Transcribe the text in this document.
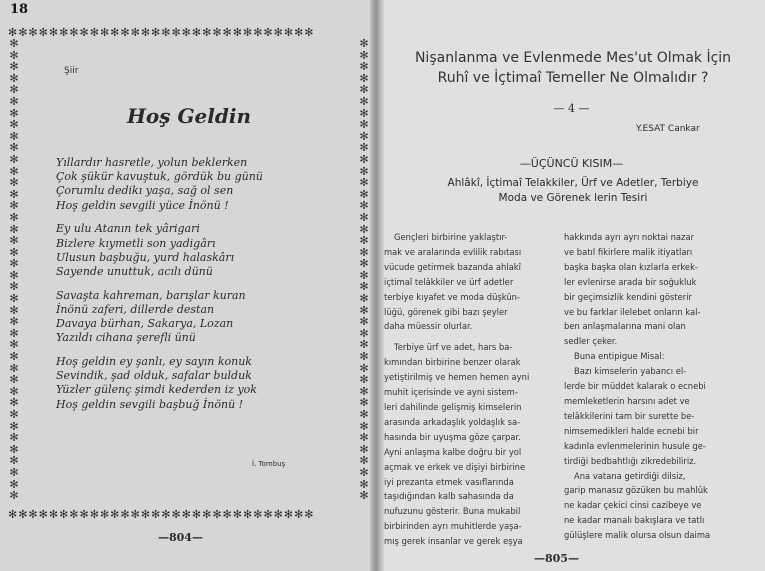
18
✻✻✻✻✻✻✻✻✻✻✻✻✻✻✻✻✻✻✻✻✻✻✻✻✻✻✻✻✻✻
✻✻✻✻✻✻✻✻✻✻✻✻✻✻✻✻✻✻✻✻✻✻✻✻✻✻✻✻✻✻
✻
✻
✻
✻
✻
✻
✻
✻
✻
✻
✻
✻
✻
✻
✻
✻
✻
✻
✻
✻
✻
✻
✻
✻
✻
✻
✻
✻
✻
✻
✻
✻
✻
✻
✻
✻
✻
✻
✻
✻
✻
✻
✻
✻
✻
✻
✻
✻
✻
✻
✻
✻
✻
✻
✻
✻
✻
✻
✻
✻
✻
✻
✻
✻
✻
✻
✻
✻
✻
✻
✻
✻
✻
✻
✻
✻
✻
✻
✻
✻
Şiir
Hoş Geldin
Yıllardır hasretle, yolun beklerken
Çok şükür kavuştuk, gördük bu günü
Çorumlu dedikı yaşa, sağ ol sen
Hoş geldin sevgili yüce İnönü !
Ey ulu Atanın tek yârigari
Bizlere kıymetli son yadigârı
Ulusun başbuğu, yurd halaskârı
Sayende unuttuk, acılı dünü
Savaşta kahreman, barışlar kuran
İnönü zaferi, dillerde destan
Davaya bürhan, Sakarya, Lozan
Yazıldı cihana şerefli ünü
Hoş geldin ey şanlı, ey sayın konuk
Sevindik, şad olduk, safalar bulduk
Yüzler gülenç şimdi kederden iz yok
Hoş geldin sevgili başbuğ İnönü !
İ. Tombuş
—804—
Nişanlanma ve Evlenmede Mes'ut Olmak İçin
Ruhî ve İçtimaî Temeller Ne Olmalıdır ?
— 4 —
Y.ESAT Cankar
—ÜÇÜNCÜ KISIM—
Ahlâkî, İçtimaî Telakkiler, Ürf ve Adetler, Terbiye
Moda ve Görenek lerin Tesiri
Gençleri birbirine yaklaştır-
mak ve aralarında evlilik rabıtası
vücude getirmek bazanda ahlakî
içtimaî telâkkiler ve ürf adetler
terbiye kıyafet ve moda düşkün-
lüğü, görenek gibi bazı şeyler
daha müessir olurlar.
Terbiye ürf ve adet, hars ba-
kımından birbirine benzer olarak
yetiştirilmiş ve hemen hemen ayni
muhit içerisinde ve ayni sistem-
leri dahilinde gelişmiş kimselerin
arasında arkadaşlık yoldaşlık sa-
hasında bir uyuşma göze çarpar.
Ayni anlaşma kalbe doğru bir yol
açmak ve erkek ve dişiyi birbirine
iyi prezanta etmek vasıflarında
taşıdığından kalb sahasında da
nufuzunu gösterir. Buna mukabil
birbirinden ayrı muhitlerde yaşa-
mış gerek insanlar ve gerek eşya
hakkında ayrı ayrı noktai nazar
ve batıl fikirlere malik itiyatları
başka başka olan kızlarla erkek-
ler evlenirse arada bir soğukluk
bir geçimsizlik kendini gösterir
ve bu farklar ilelebet onların kal-
ben anlaşmalarına mani olan
sedler çeker.
Buna entipigue Misal:
Bazı kimselerin yabancı el-
lerde bir müddet kalarak o ecnebi
memleketlerin harsını adet ve
telâkkilerini tam bir surette be-
nimsemedikleri halde ecnebi bir
kadınla evlenmelerinin husule ge-
tirdiği bedbahtlığı zikredebiliriz.
Ana vatana getirdiği dilsiz,
garip manasız gözüken bu mahlûk
ne kadar çekici cinsi cazibeye ve
ne kadar manalı bakışlara ve tatlı
gülüşlere malik olursa olsun daima
—805—
